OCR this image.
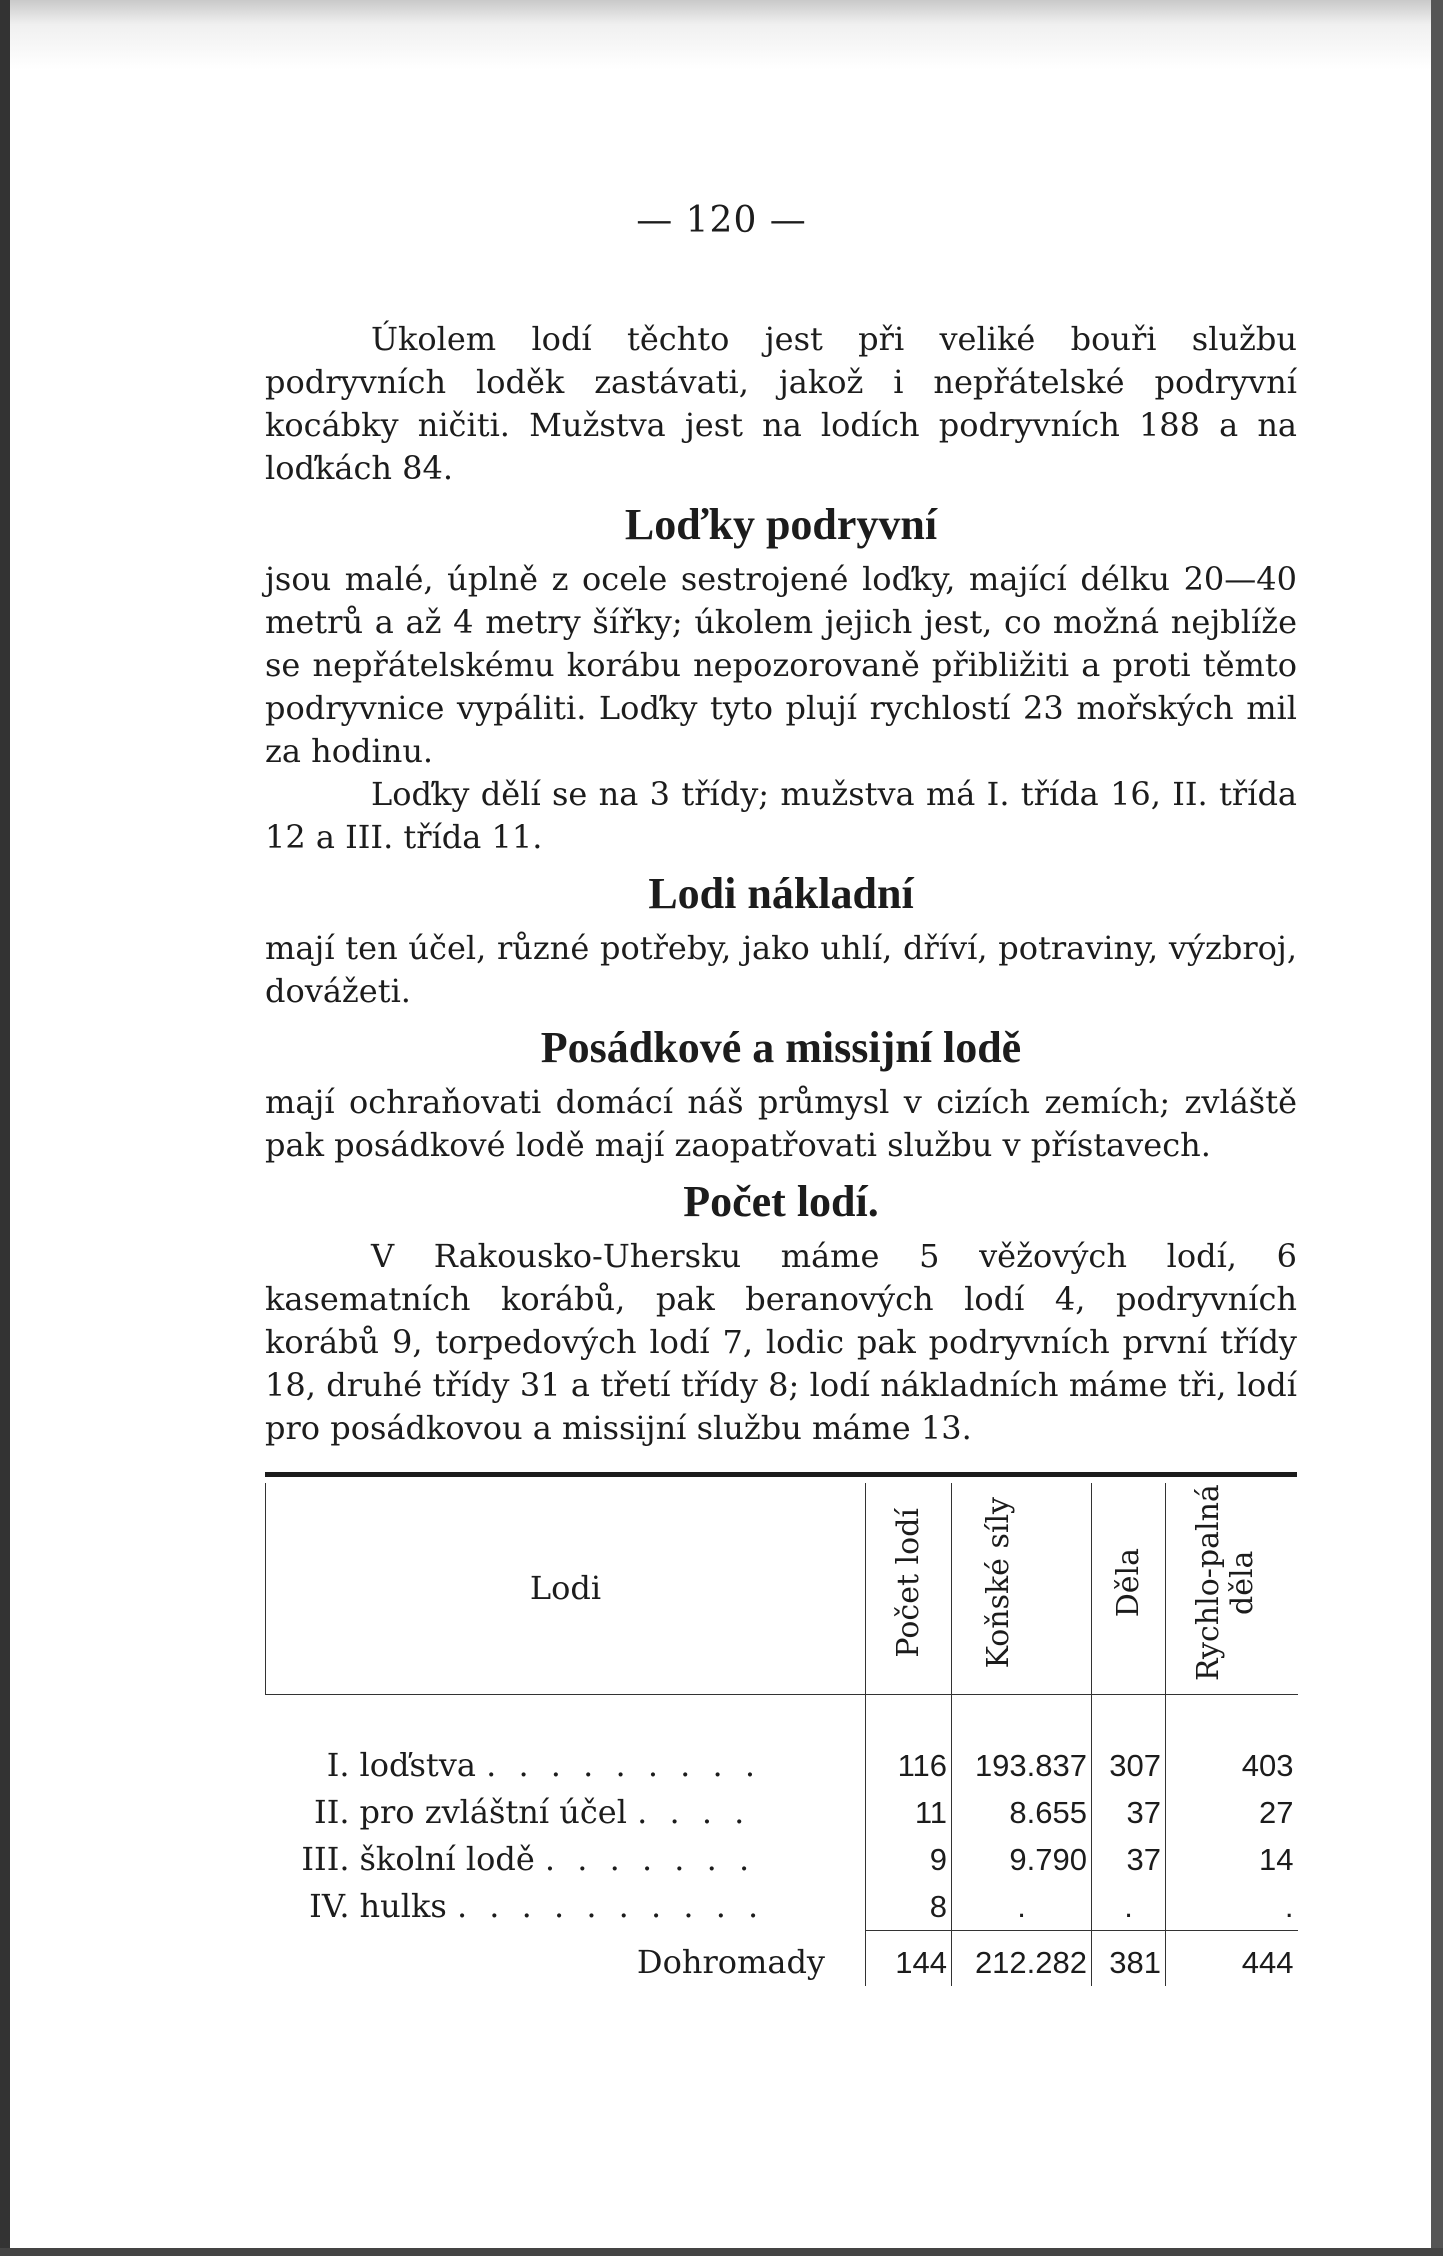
— 120 —

Úkolem lodí těchto jest při veliké bouři službu podryvních loděk zastávati, jakož i nepřátelské podryvní kocábky ničiti. Mužstva jest na lodích podryvních 188 a na loďkách 84.

Loďky podryvní

jsou malé, úplně z ocele sestrojené loďky, mající délku 20—40 metrů a až 4 metry šířky; úkolem jejich jest, co možná nejblíže se nepřátelskému korábu nepozorovaně přibližiti a proti těmto podryvnice vypáliti. Loďky tyto plují rychlostí 23 mořských mil za hodinu.

Loďky dělí se na 3 třídy; mužstva má I. třída 16, II. třída 12 a III. třída 11.

Lodi nákladní

mají ten účel, různé potřeby, jako uhlí, dříví, potraviny, výzbroj, dovážeti.

Posádkové a missijní lodě

mají ochraňovati domácí náš průmysl v cizích zemích; zvláště pak posádkové lodě mají zaopatřovati službu v přístavech.

Počet lodí.

V Rakousko-Uhersku máme 5 věžových lodí, 6 kasematních korábů, pak beranových lodí 4, podryvních korábů 9, torpedových lodí 7, lodic pak podryvních první třídy 18, druhé třídy 31 a třetí třídy 8; lodí nákladních máme tři, lodí pro posádkovou a missijní službu máme 13.

Lodi	Počet lodí	Koňské síly	Děla	Rychlo-palná děla

I. loďstva . . . . . . . . .	116	193.837	307	403
II. pro zvláštní účel . . . .	11	8.655	37	27
III. školní lodě . . . . . . .	9	9.790	37	14
IV. hulks . . . . . . . . . .	8	.	.	.
Dohromady	144	212.282	381	444
